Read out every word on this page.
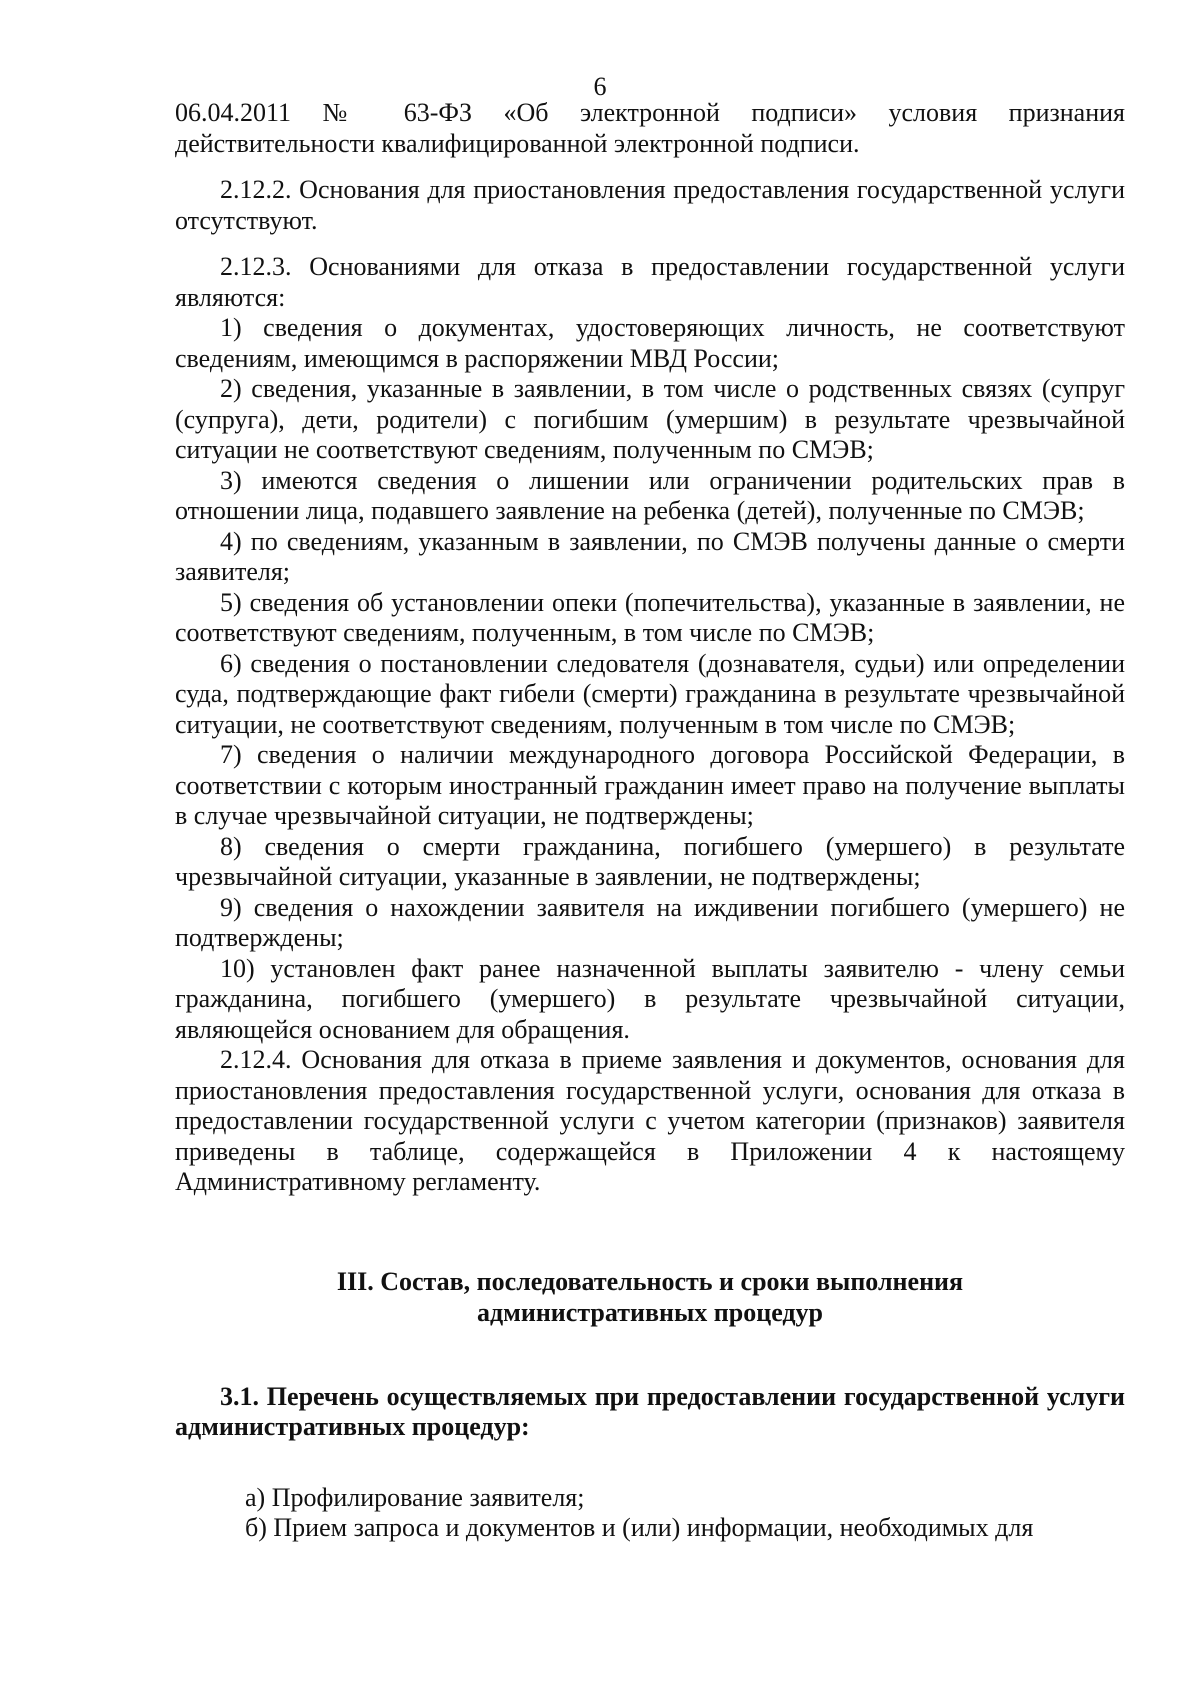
6

06.04.2011 № 63-ФЗ «Об электронной подписи» условия признания действительности квалифицированной электронной подписи.

2.12.2. Основания для приостановления предоставления государственной услуги отсутствуют.

2.12.3. Основаниями для отказа в предоставлении государственной услуги являются:

1) сведения о документах, удостоверяющих личность, не соответствуют сведениям, имеющимся в распоряжении МВД России;

2) сведения, указанные в заявлении, в том числе о родственных связях (супруг (супруга), дети, родители) с погибшим (умершим) в результате чрезвычайной ситуации не соответствуют сведениям, полученным по СМЭВ;

3) имеются сведения о лишении или ограничении родительских прав в отношении лица, подавшего заявление на ребенка (детей), полученные по СМЭВ;

4) по сведениям, указанным в заявлении, по СМЭВ получены данные о смерти заявителя;

5) сведения об установлении опеки (попечительства), указанные в заявлении, не соответствуют сведениям, полученным, в том числе по СМЭВ;

6) сведения о постановлении следователя (дознавателя, судьи) или определении суда, подтверждающие факт гибели (смерти) гражданина в результате чрезвычайной ситуации, не соответствуют сведениям, полученным в том числе по СМЭВ;

7) сведения о наличии международного договора Российской Федерации, в соответствии с которым иностранный гражданин имеет право на получение выплаты в случае чрезвычайной ситуации, не подтверждены;

8) сведения о смерти гражданина, погибшего (умершего) в результате чрезвычайной ситуации, указанные в заявлении, не подтверждены;

9) сведения о нахождении заявителя на иждивении погибшего (умершего) не подтверждены;

10) установлен факт ранее назначенной выплаты заявителю - члену семьи гражданина, погибшего (умершего) в результате чрезвычайной ситуации, являющейся основанием для обращения.

2.12.4. Основания для отказа в приеме заявления и документов, основания для приостановления предоставления государственной услуги, основания для отказа в предоставлении государственной услуги с учетом категории (признаков) заявителя приведены в таблице, содержащейся в Приложении 4 к настоящему Административному регламенту.

III. Состав, последовательность и сроки выполнения
административных процедур

3.1. Перечень осуществляемых при предоставлении государственной услуги административных процедур:

а) Профилирование заявителя;

б) Прием запроса и документов и (или) информации, необходимых для
